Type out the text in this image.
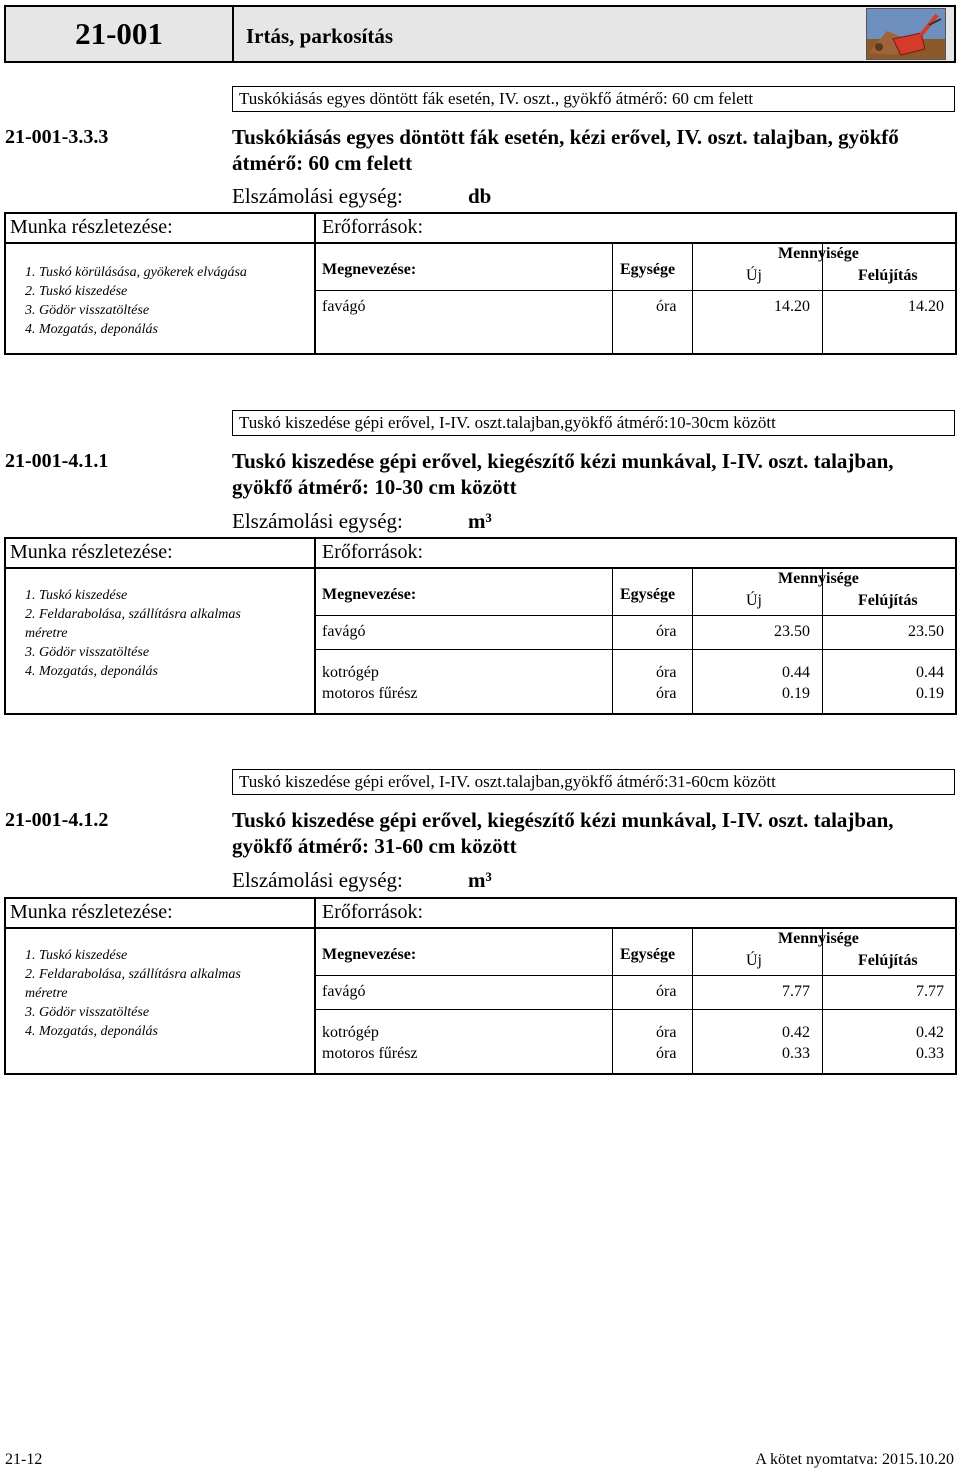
21-001	Irtás, parkosítás
Tuskókiásás egyes döntött fák esetén, IV. oszt., gyökfő átmérő: 60 cm felett
21-001-3.3.3	Tuskókiásás egyes döntött fák esetén, kézi erővel, IV. oszt. talajban, gyökfő átmérő: 60 cm felett
Elszámolási egység:	db
Munka részletezése:	Erőforrások:
1. Tuskó körülásása, gyökerek elvágása
2. Tuskó kiszedése
3. Gödör visszatöltése
4. Mozgatás, deponálás
Megnevezése:	Egysége
Mennyisége
Új	Felújítás
favágó	óra	14.20	14.20
Tuskó kiszedése gépi erővel, I-IV. oszt.talajban,gyökfő átmérő:10-30cm között
21-001-4.1.1	Tuskó kiszedése gépi erővel, kiegészítő kézi munkával, I-IV. oszt. talajban, gyökfő átmérő: 10-30 cm között
Elszámolási egység:	m³
Munka részletezése:	Erőforrások:
1. Tuskó kiszedése
2. Feldarabolása, szállításra alkalmas
méretre
3. Gödör visszatöltése
4. Mozgatás, deponálás
Megnevezése:	Egysége
Mennyisége
Új	Felújítás
favágó	óra	23.50	23.50
kotrógép	óra	0.44	0.44
motoros fűrész	óra	0.19	0.19
Tuskó kiszedése gépi erővel, I-IV. oszt.talajban,gyökfő átmérő:31-60cm között
21-001-4.1.2	Tuskó kiszedése gépi erővel, kiegészítő kézi munkával, I-IV. oszt. talajban, gyökfő átmérő: 31-60 cm között
Elszámolási egység:	m³
Munka részletezése:	Erőforrások:
1. Tuskó kiszedése
2. Feldarabolása, szállításra alkalmas
méretre
3. Gödör visszatöltése
4. Mozgatás, deponálás
Megnevezése:	Egysége
Mennyisége
Új	Felújítás
favágó	óra	7.77	7.77
kotrógép	óra	0.42	0.42
motoros fűrész	óra	0.33	0.33
21-12	A kötet nyomtatva: 2015.10.20
